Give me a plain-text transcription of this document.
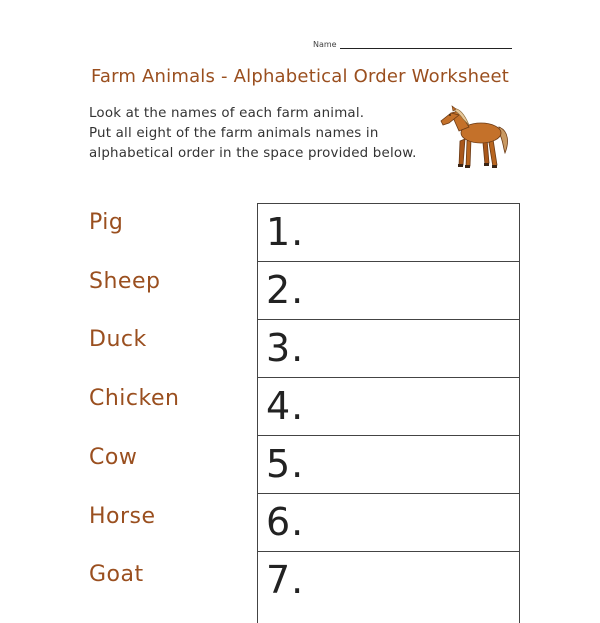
Name
Farm Animals - Alphabetical Order Worksheet
Look at the names of each farm animal.
Put all eight of the farm animals names in
alphabetical order in the space provided below.
Pig
Sheep
Duck
Chicken
Cow
Horse
Goat
1.
2.
3.
4.
5.
6.
7.
